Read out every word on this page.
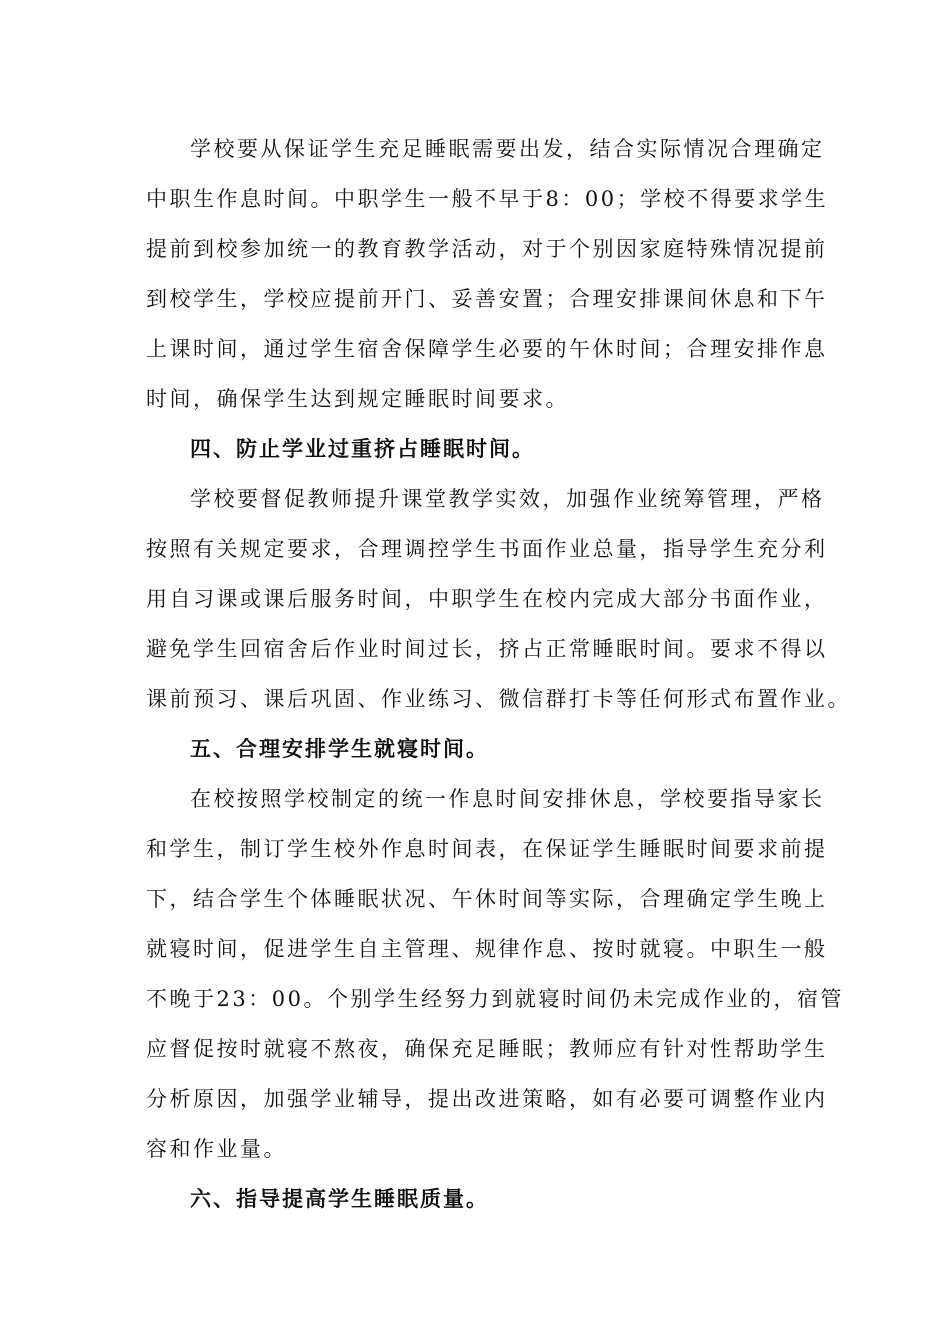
学校要从保证学生充足睡眠需要出发，结合实际情况合理确定
中职生作息时间。中职学生一般不早于8：00；学校不得要求学生
提前到校参加统一的教育教学活动，对于个别因家庭特殊情况提前
到校学生，学校应提前开门、妥善安置；合理安排课间休息和下午
上课时间，通过学生宿舍保障学生必要的午休时间；合理安排作息
时间，确保学生达到规定睡眠时间要求。
四、防止学业过重挤占睡眠时间。
学校要督促教师提升课堂教学实效，加强作业统筹管理，严格
按照有关规定要求，合理调控学生书面作业总量，指导学生充分利
用自习课或课后服务时间，中职学生在校内完成大部分书面作业，
避免学生回宿舍后作业时间过长，挤占正常睡眠时间。要求不得以
课前预习、课后巩固、作业练习、微信群打卡等任何形式布置作业。
五、合理安排学生就寝时间。
在校按照学校制定的统一作息时间安排休息，学校要指导家长
和学生，制订学生校外作息时间表，在保证学生睡眠时间要求前提
下，结合学生个体睡眠状况、午休时间等实际，合理确定学生晚上
就寝时间，促进学生自主管理、规律作息、按时就寝。中职生一般
不晚于23：00。个别学生经努力到就寝时间仍未完成作业的，宿管
应督促按时就寝不熬夜，确保充足睡眠；教师应有针对性帮助学生
分析原因，加强学业辅导，提出改进策略，如有必要可调整作业内
容和作业量。
六、指导提高学生睡眠质量。
